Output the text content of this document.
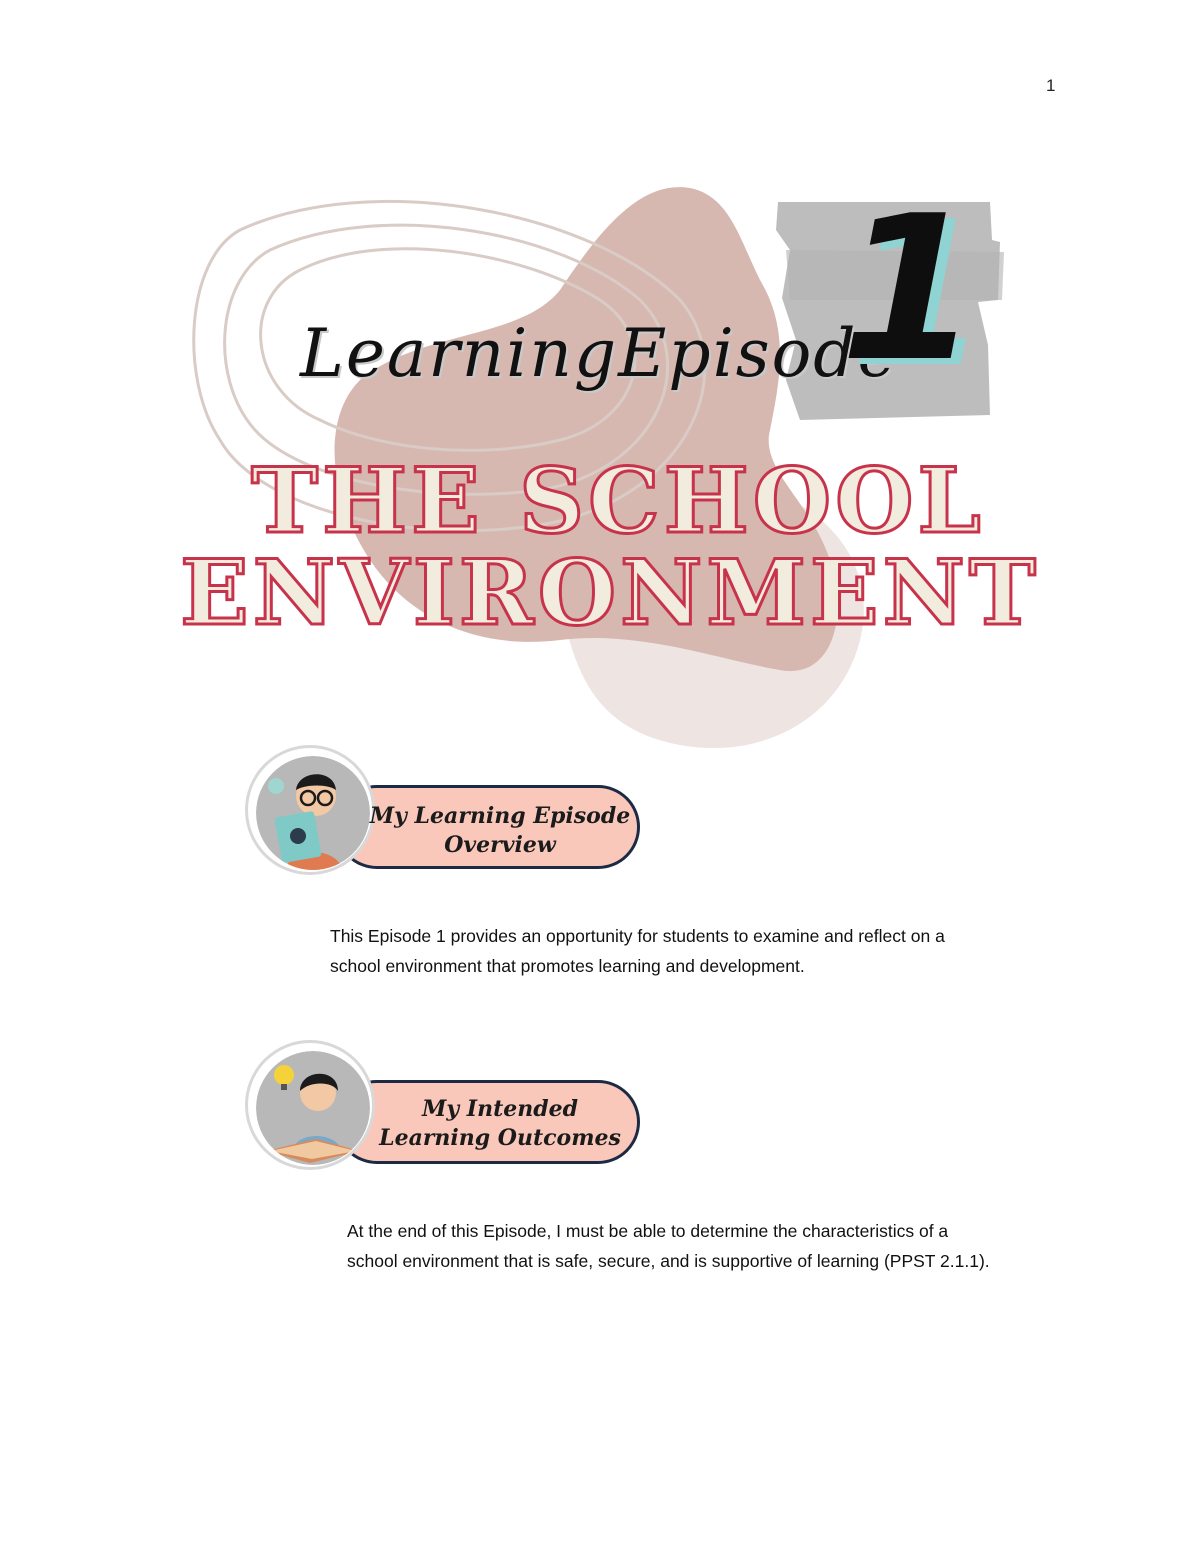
1
LearningEpisode
1
THE SCHOOL
ENVIRONMENT
My Learning Episode
Overview
This Episode 1 provides an opportunity for students to examine and reflect on a
school environment that promotes learning and development.
My Intended
Learning Outcomes
At the end of this Episode, I must be able to determine the characteristics of a
school environment that is safe, secure, and is supportive of learning (PPST 2.1.1).
